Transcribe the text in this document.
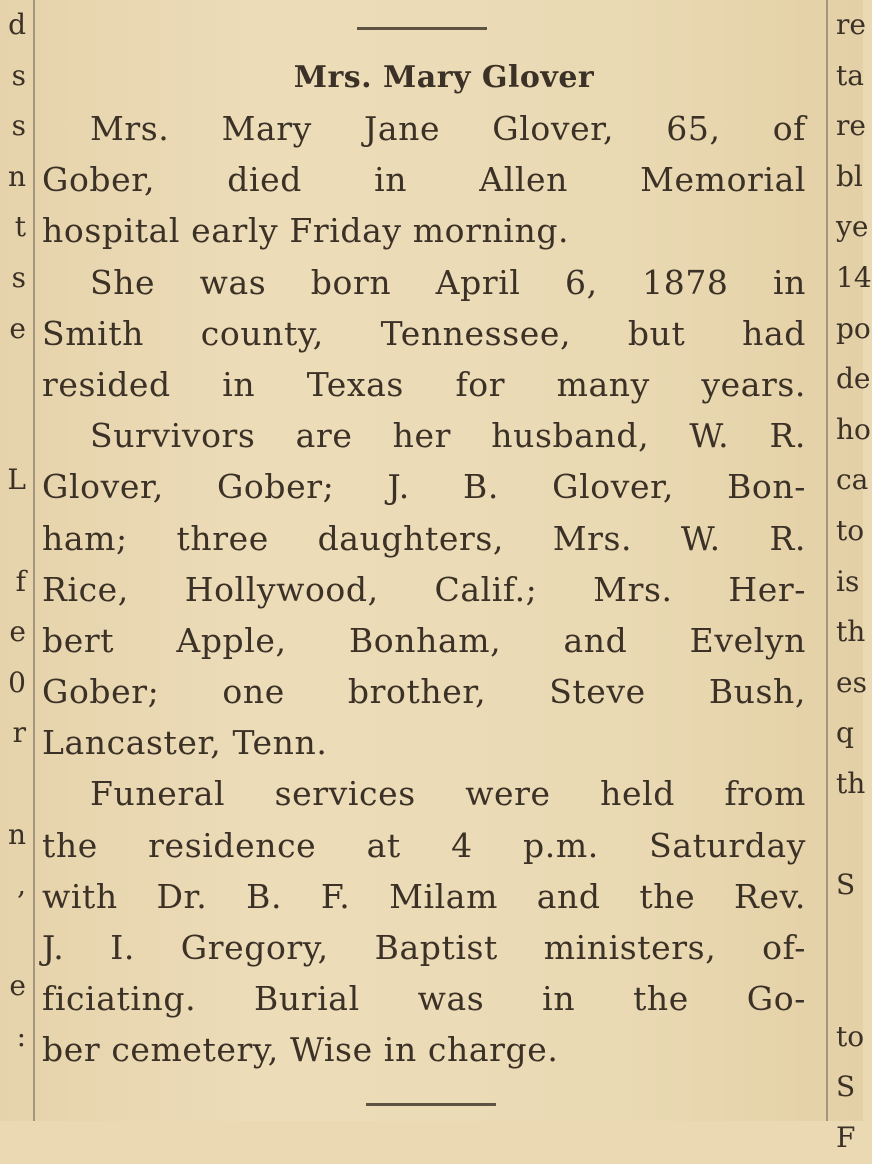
d
s
s
n
t
s
e
L
f
e
0
r
n
,
e
:
re
ta
re
bl
ye
14
po
de
ho
ca
to
is
th
es
q
th
S
to
S
F
Mrs. Mary Glover
Mrs. Mary Jane Glover, 65, of
Gober, died in Allen Memorial
hospital early Friday morning.
She was born April 6, 1878 in
Smith county, Tennessee, but had
resided in Texas for many years.
Survivors are her husband, W. R.
Glover, Gober; J. B. Glover, Bon-
ham; three daughters, Mrs. W. R.
Rice, Hollywood, Calif.; Mrs. Her-
bert Apple, Bonham, and Evelyn
Gober; one brother, Steve Bush,
Lancaster, Tenn.
Funeral services were held from
the residence at 4 p.m. Saturday
with Dr. B. F. Milam and the Rev.
J. I. Gregory, Baptist ministers, of-
ficiating. Burial was in the Go-
ber cemetery, Wise in charge.
